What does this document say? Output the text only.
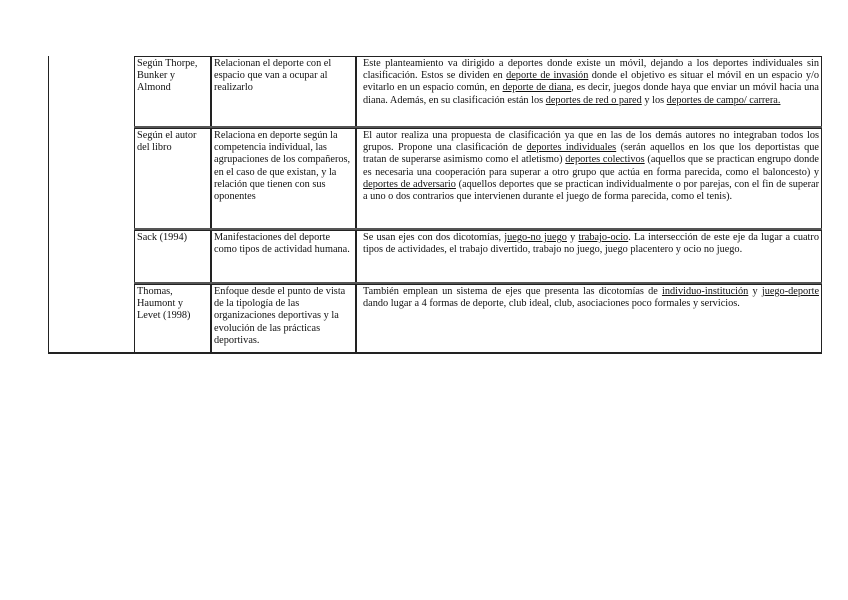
Según Thorpe, Bunker y Almond
Relacionan el deporte con el espacio que van a ocupar al realizarlo
Este planteamiento va dirigido a deportes donde existe un móvil, dejando a los deportes individuales sin clasificación. Estos se dividen en deporte de invasión donde el objetivo es situar el móvil en un espacio y/o evitarlo en un espacio común, en deporte de diana, es decir, juegos donde haya que enviar un móvil hacia una diana. Además, en su clasificación están los deportes de red o pared y los deportes de campo/ carrera.
Según el autor del libro
Relaciona en deporte según la competencia individual, las agrupaciones de los compañeros, en el caso de que existan, y la relación que tienen con sus oponentes
El autor realiza una propuesta de clasificación ya que en las de los demás autores no integraban todos los grupos. Propone una clasificación de deportes individuales (serán aquellos en los que los deportistas que tratan de superarse asimismo como el atletismo) deportes colectivos (aquellos que se practican engrupo donde es necesaria una cooperación para superar a otro grupo que actúa en forma parecida, como el baloncesto) y deportes de adversario (aquellos deportes que se practican individualmente o por parejas, con el fin de superar a uno o dos contrarios que intervienen durante el juego de forma parecida, como el tenis).
Sack (1994)	Manifestaciones del deporte como tipos de actividad humana.
Se usan ejes con dos dicotomías, juego-no juego y trabajo-ocio. La intersección de este eje da lugar a cuatro tipos de actividades, el trabajo divertido, trabajo no juego, juego placentero y ocio no juego.
Thomas, Haumont y Levet (1998)
Enfoque desde el punto de vista de la tipología de las organizaciones deportivas y la evolución de las prácticas deportivas.
También emplean un sistema de ejes que presenta las dicotomías de individuo-institución y juego-deporte dando lugar a 4 formas de deporte, club ideal, club, asociaciones poco formales y servicios.
